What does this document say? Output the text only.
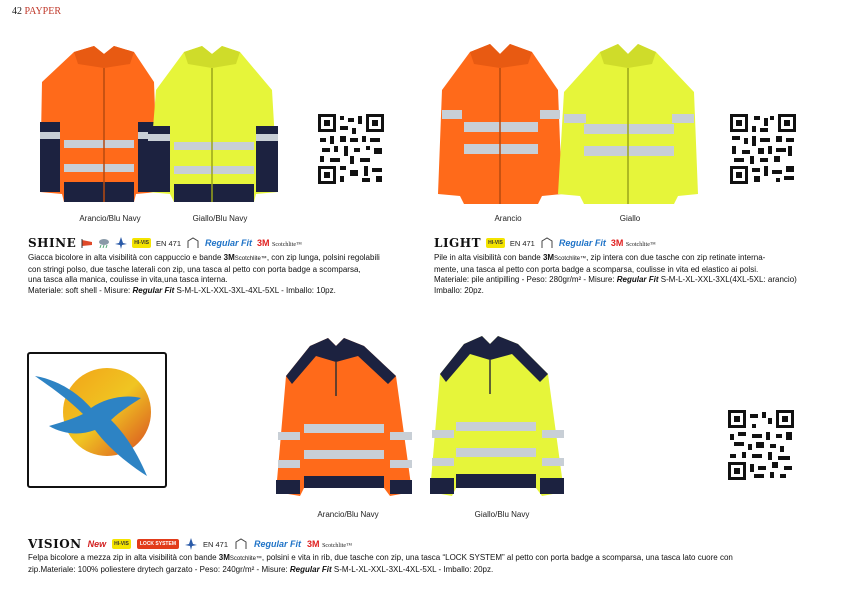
42 PAYPER
Arancio/Blu Navy	Giallo/Blu Navy
SHINE	HI-VIS EN 471	Regular Fit 3M Scotchlite™
Giacca bicolore in alta visibilità con cappuccio e bande 3MScotchlite™, con zip lunga, polsini regolabili
con stringi polso, due tasche laterali con zip, una tasca al petto con porta badge a scomparsa,
una tasca alla manica, coulisse in vita,una tasca interna.
Materiale: soft shell - Misure: Regular Fit S-M-L-XL-XXL-3XL-4XL-5XL - Imballo: 10pz.
Arancio	Giallo
LIGHT	HI-VIS EN 471	Regular Fit 3M Scotchlite™
Pile in alta visibilità con bande 3MScotchlite™, zip intera con due tasche con zip retinate interna-
mente, una tasca al petto con porta badge a scomparsa, coulisse in vita ed elastico ai polsi.
Materiale: pile antipilling - Peso: 280gr/m² - Misure: Regular Fit S-M-L-XL-XXL-3XL(4XL-5XL: arancio)
Imballo: 20pz.
Arancio/Blu Navy	Giallo/Blu Navy
VISION New	HI-VIS	LOCK SYSTEM	EN 471	Regular Fit 3M Scotchlite™
Felpa bicolore a mezza zip in alta visibilità con bande 3MScotchlite™, polsini e vita in rib, due tasche con zip, una tasca “LOCK SYSTEM” al petto con porta badge a scomparsa, una tasca lato cuore con
zip.Materiale: 100% poliestere drytech garzato - Peso: 240gr/m² - Misure: Regular Fit S-M-L-XL-XXL-3XL-4XL-5XL - Imballo: 20pz.
